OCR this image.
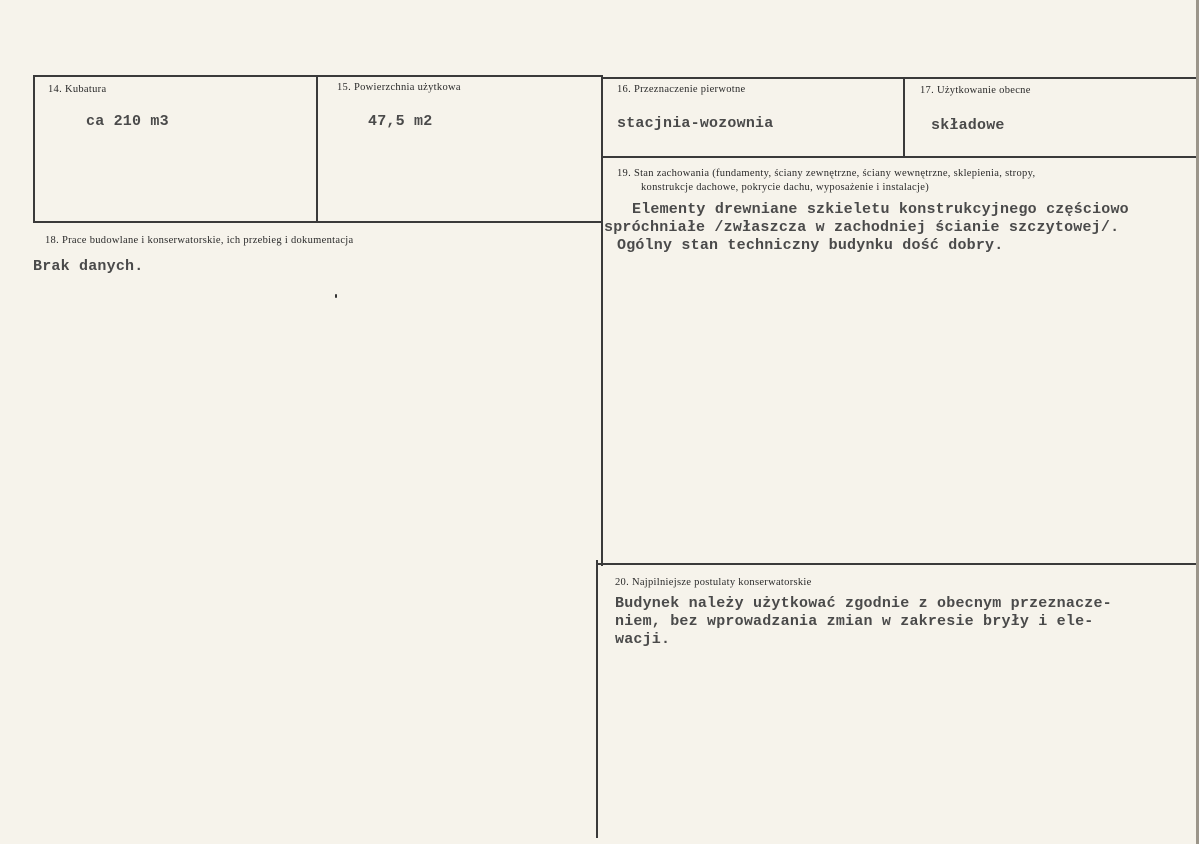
14. Kubatura
ca 210 m3
15. Powierzchnia użytkowa
47,5 m2
16. Przeznaczenie pierwotne
stacjnia-wozownia
17. Użytkowanie obecne
składowe
18. Prace budowlane i konserwatorskie, ich przebieg i dokumentacja
Brak danych.
19. Stan zachowania (fundamenty, ściany zewnętrzne, ściany wewnętrzne, sklepienia, stropy,
konstrukcje dachowe, pokrycie dachu, wyposażenie i instalacje)
Elementy drewniane szkieletu konstrukcyjnego częściowo
spróchniałe /zwłaszcza w zachodniej ścianie szczytowej/.
Ogólny stan techniczny budynku dość dobry.
20. Najpilniejsze postulaty konserwatorskie
Budynek należy użytkować zgodnie z obecnym przeznacze-
niem, bez wprowadzania zmian w zakresie bryły i ele-
wacji.
